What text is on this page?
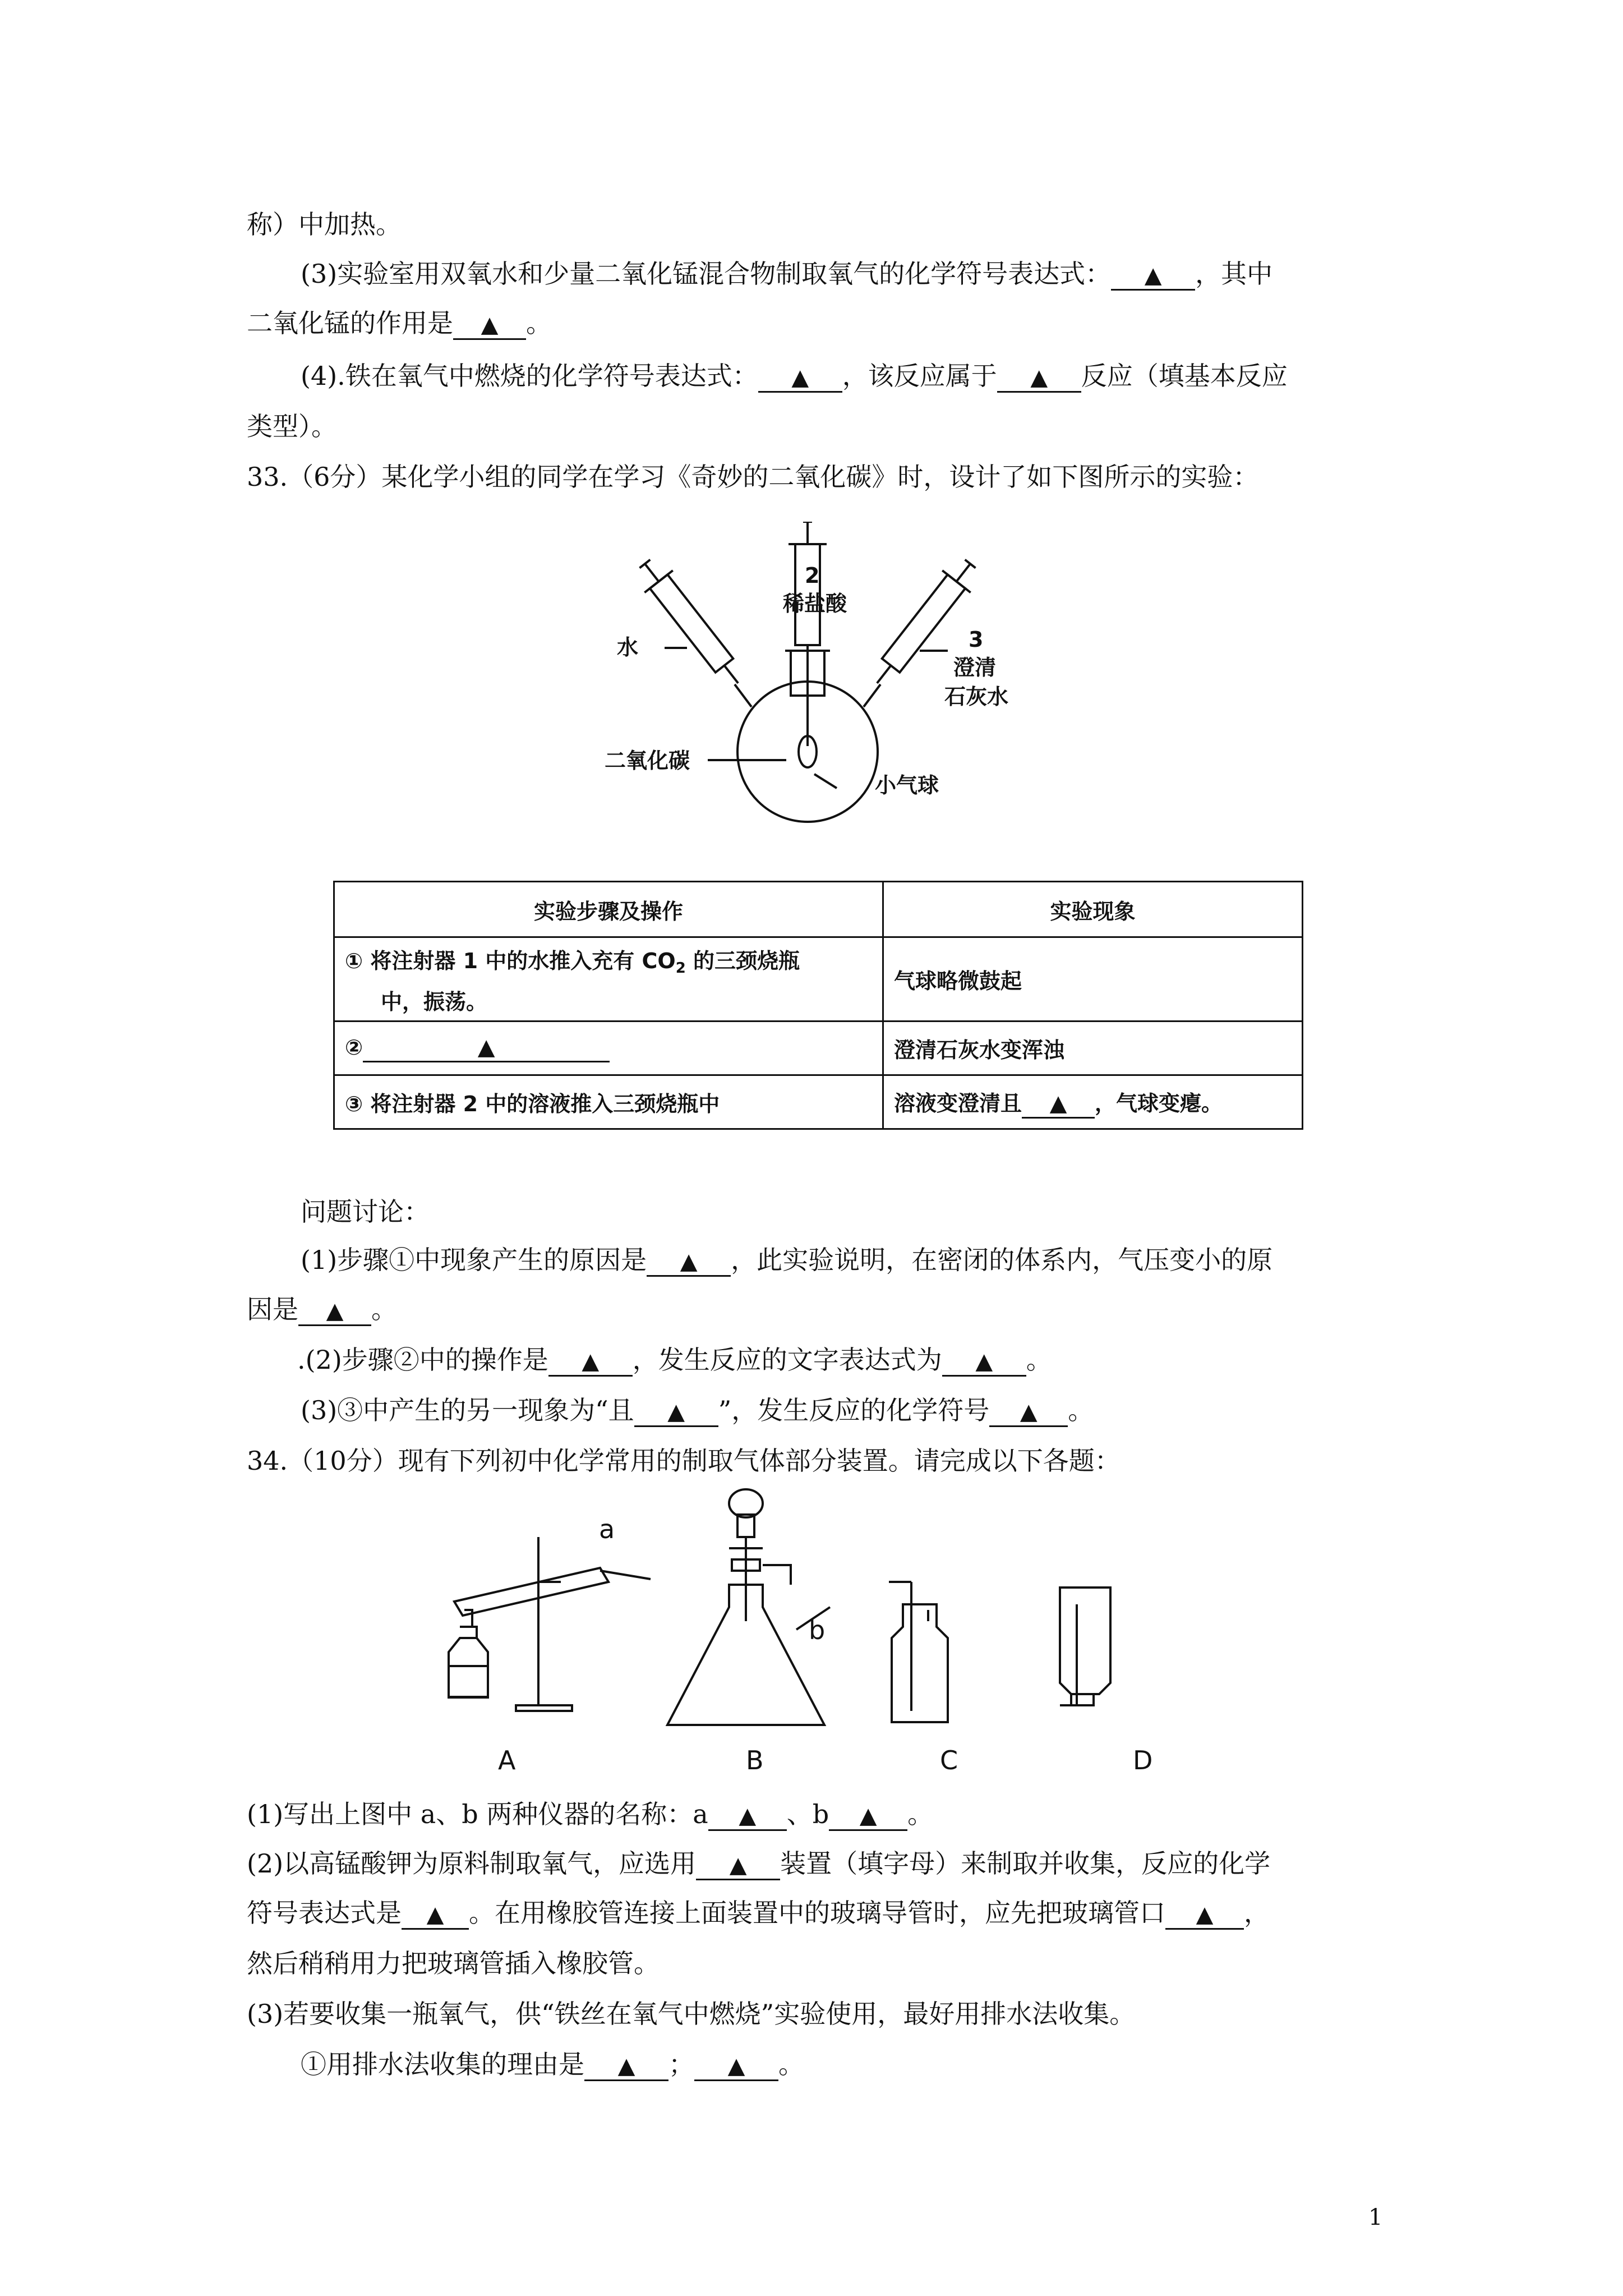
称）中加热。
(3)实验室用双氧水和少量二氧化锰混合物制取氧气的化学符号表达式： ▲ ，其中
二氧化锰的作用是 ▲ 。
(4).铁在氧气中燃烧的化学符号表达式： ▲ ，该反应属于 ▲ 反应（填基本反应
类型）。
33.（6分）某化学小组的同学在学习《奇妙的二氧化碳》时，设计了如下图所示的实验：
2
稀盐酸
水	3
澄清
石灰水
二氧化碳
小气球
实验步骤及操作	实验现象

① 将注射器 1 中的水推入充有 $CO_2$ 的三颈烧瓶
中，振荡。	气球略微鼓起
② ▲	澄清石灰水变浑浊
③ 将注射器 2 中的溶液推入三颈烧瓶中	溶液变澄清且 ▲ ，气球变瘪。
问题讨论：
(1)步骤①中现象产生的原因是 ▲ ，此实验说明，在密闭的体系内，气压变小的原
因是 ▲ 。
.(2)步骤②中的操作是 ▲ ，发生反应的文字表达式为 ▲ 。
(3)③中产生的另一现象为“且 ▲ ”，发生反应的化学符号 ▲ 。
34.（10分）现有下列初中化学常用的制取气体部分装置。请完成以下各题：
a
b
A	B	C	D
(1)写出上图中 a、b 两种仪器的名称：a ▲ 、b ▲ 。
(2)以高锰酸钾为原料制取氧气，应选用 ▲ 装置（填字母）来制取并收集，反应的化学
符号表达式是 ▲ 。在用橡胶管连接上面装置中的玻璃导管时，应先把玻璃管口 ▲ ，
然后稍稍用力把玻璃管插入橡胶管。
(3)若要收集一瓶氧气，供“铁丝在氧气中燃烧”实验使用，最好用排水法收集。
①用排水法收集的理由是 ▲ ； ▲ 。
1
